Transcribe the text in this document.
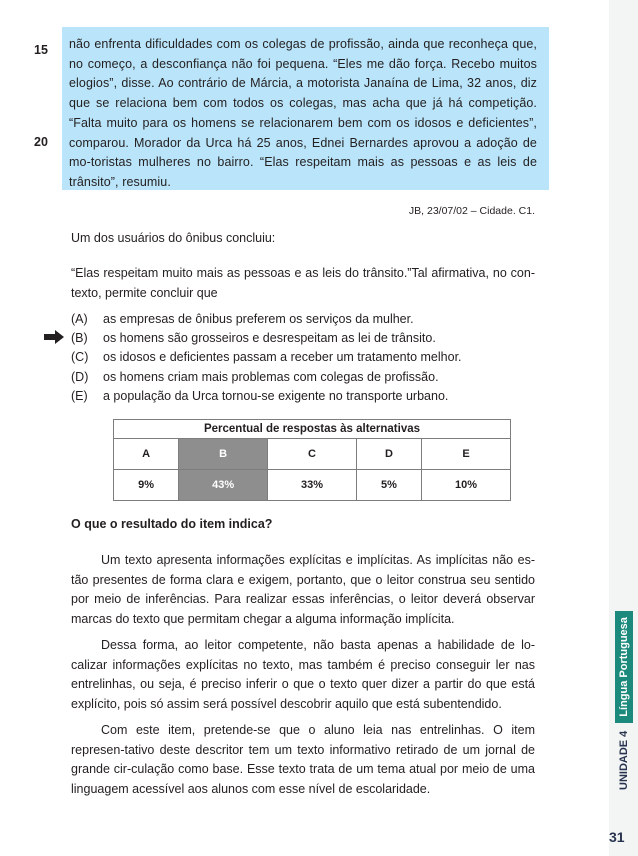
15
20

não enfrenta dificuldades com os colegas de profissão, ainda que reconheça que, no começo, a desconfiança não foi pequena. “Eles me dão força. Recebo muitos elogios”, disse. Ao contrário de Márcia, a motorista Janaína de Lima, 32 anos, diz que se relaciona bem com todos os colegas, mas acha que já há competição. “Falta muito para os homens se relacionarem bem com os idosos e deficientes”, comparou. Morador da Urca há 25 anos, Ednei Bernardes aprovou a adoção de mo-toristas mulheres no bairro. “Elas respeitam mais as pessoas e as leis de trânsito”, resumiu.

JB, 23/07/02 – Cidade. C1.
Um dos usuários do ônibus concluiu:
“Elas respeitam muito mais as pessoas e as leis do trânsito.”Tal afirmativa, no con-texto, permite concluir que
(A) as empresas de ônibus preferem os serviços da mulher.
(B) os homens são grosseiros e desrespeitam as lei de trânsito.
(C) os idosos e deficientes passam a receber um tratamento melhor.
(D) os homens criam mais problemas com colegas de profissão.
(E) a população da Urca tornou-se exigente no transporte urbano.
Percentual de respostas às alternativas				
A	B	C	D	E
9%	43%	33%	5%	10%
O que o resultado do item indica?
Um texto apresenta informações explícitas e implícitas. As implícitas não es-tão presentes de forma clara e exigem, portanto, que o leitor construa seu sentido por meio de inferências. Para realizar essas inferências, o leitor deverá observar marcas do texto que permitam chegar a alguma informação implícita.
Dessa forma, ao leitor competente, não basta apenas a habilidade de lo-calizar informações explícitas no texto, mas também é preciso conseguir ler nas entrelinhas, ou seja, é preciso inferir o que o texto quer dizer a partir do que está explícito, pois só assim será possível descobrir aquilo que está subentendido.
Com este item, pretende-se que o aluno leia nas entrelinhas. O item represen-tativo deste descritor tem um texto informativo retirado de um jornal de grande cir-culação como base. Esse texto trata de um tema atual por meio de uma linguagem acessível aos alunos com esse nível de escolaridade.	UNIDADE 4Língua Portuguesa
31
